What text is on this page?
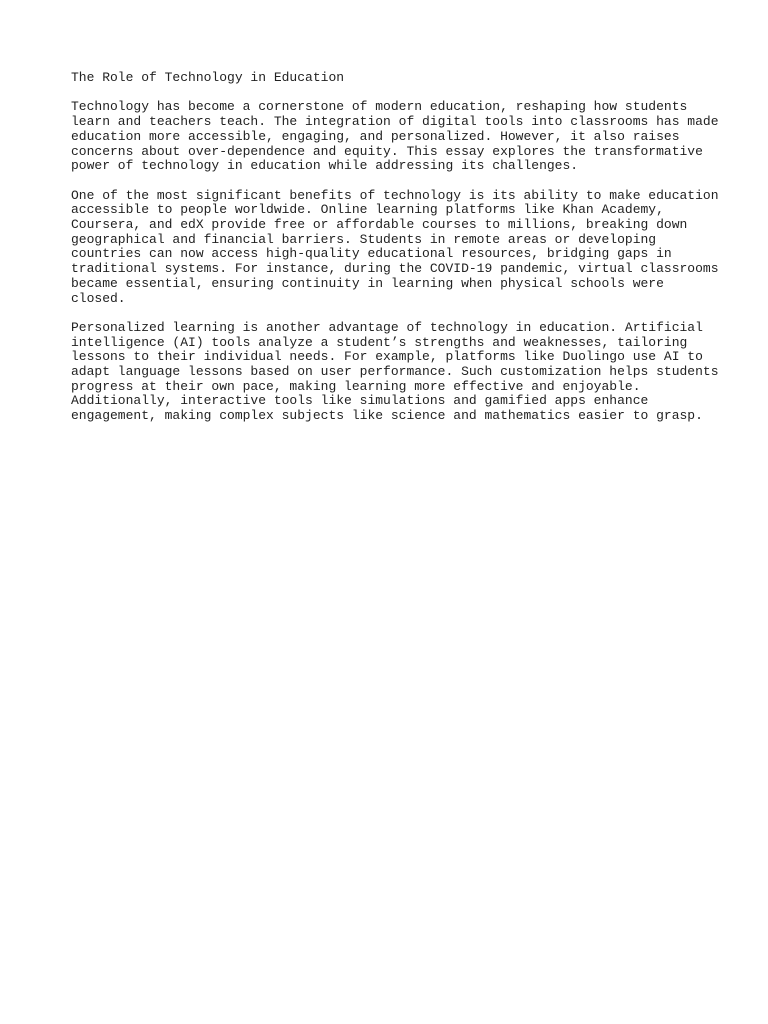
The Role of Technology in Education

Technology has become a cornerstone of modern education, reshaping how students
learn and teachers teach. The integration of digital tools into classrooms has made
education more accessible, engaging, and personalized. However, it also raises
concerns about over-dependence and equity. This essay explores the transformative
power of technology in education while addressing its challenges.

One of the most significant benefits of technology is its ability to make education
accessible to people worldwide. Online learning platforms like Khan Academy,
Coursera, and edX provide free or affordable courses to millions, breaking down
geographical and financial barriers. Students in remote areas or developing
countries can now access high-quality educational resources, bridging gaps in
traditional systems. For instance, during the COVID-19 pandemic, virtual classrooms
became essential, ensuring continuity in learning when physical schools were
closed.

Personalized learning is another advantage of technology in education. Artificial
intelligence (AI) tools analyze a student’s strengths and weaknesses, tailoring
lessons to their individual needs. For example, platforms like Duolingo use AI to
adapt language lessons based on user performance. Such customization helps students
progress at their own pace, making learning more effective and enjoyable.
Additionally, interactive tools like simulations and gamified apps enhance
engagement, making complex subjects like science and mathematics easier to grasp.
